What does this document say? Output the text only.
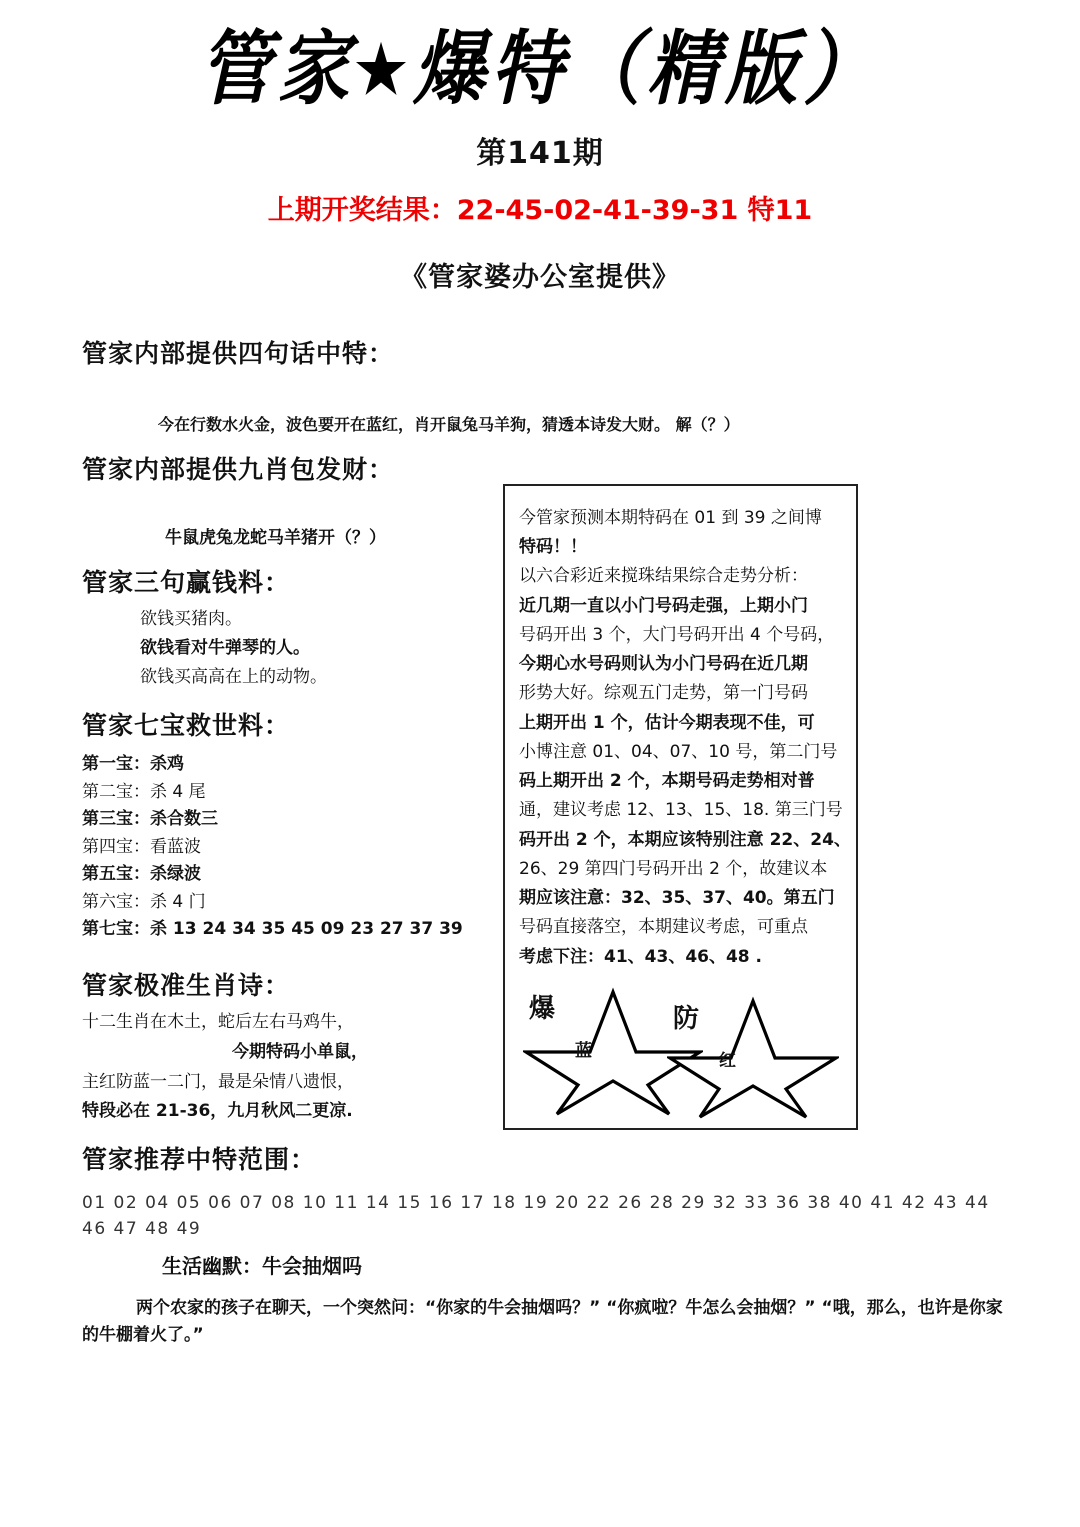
管家★爆特（精版）
第141期
上期开奖结果：22-45-02-41-39-31 特11
《管家婆办公室提供》
管家内部提供四句话中特：
今在行数水火金，波色要开在蓝红，肖开鼠兔马羊狗，猜透本诗发大财。 解（？）
管家内部提供九肖包发财：
牛鼠虎兔龙蛇马羊猪开（？）
管家三句赢钱料：
欲钱买猪肉。
欲钱看对牛弹琴的人。
欲钱买高高在上的动物。
管家七宝救世料：
第一宝：杀鸡
第二宝：杀 4 尾
第三宝：杀合数三
第四宝：看蓝波
第五宝：杀绿波
第六宝：杀 4 门
第七宝：杀 13 24 34 35 45 09 23 27 37 39
管家极准生肖诗：
十二生肖在木土，蛇后左右马鸡牛，
今期特码小单鼠，
主红防蓝一二门，最是朵情八遗恨，
特段必在 21-36，九月秋风二更凉.
管家推荐中特范围：
01 02 04 05 06 07 08 10 11 14 15 16 17 18 19 20 22 26 28 29 32 33 36 38 40 41 42 43 44 46 47 48 49
生活幽默：牛会抽烟吗
两个农家的孩子在聊天，一个突然问：“你家的牛会抽烟吗？” “你疯啦？牛怎么会抽烟？” “哦，那么，也许是你家的牛棚着火了。”
今管家预测本期特码在 01 到 39 之间博
特码！！
以六合彩近来搅珠结果综合走势分析：
近几期一直以小门号码走强，上期小门
号码开出 3 个，大门号码开出 4 个号码，
今期心水号码则认为小门号码在近几期
形势大好。综观五门走势，第一门号码
上期开出 1 个，估计今期表现不佳，可
小博注意 01、04、07、10 号，第二门号
码上期开出 2 个，本期号码走势相对普
通，建议考虑 12、13、15、18. 第三门号
码开出 2 个，本期应该特别注意 22、24、
26、29 第四门号码开出 2 个，故建议本
期应该注意：32、35、37、40。第五门
号码直接落空，本期建议考虑，可重点
考虑下注：41、43、46、48 .
爆
蓝
防
红
